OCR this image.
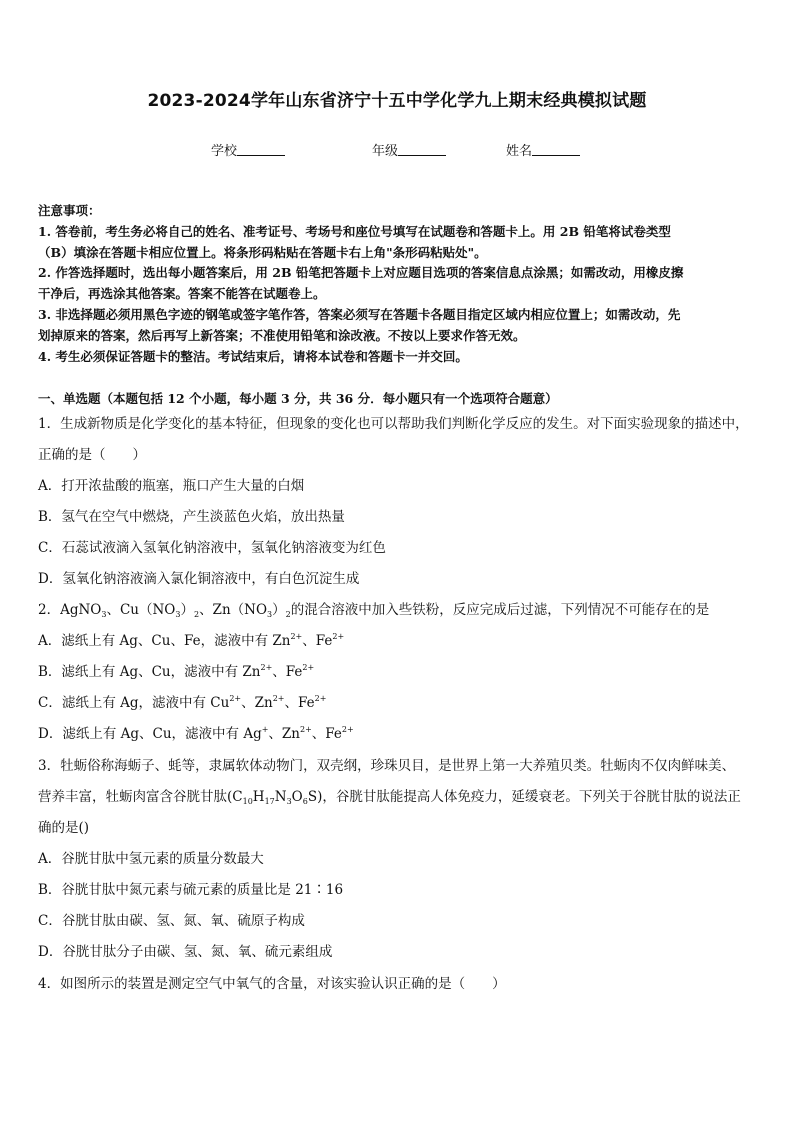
2023-2024学年山东省济宁十五中学化学九上期末经典模拟试题
学校	年级	姓名

注意事项：

1. 答卷前，考生务必将自己的姓名、准考证号、考场号和座位号填写在试题卷和答题卡上。用 2B 铅笔将试卷类型

（B）填涂在答题卡相应位置上。将条形码粘贴在答题卡右上角"条形码粘贴处"。

2. 作答选择题时，选出每小题答案后，用 2B 铅笔把答题卡上对应题目选项的答案信息点涂黑；如需改动，用橡皮擦

干净后，再选涂其他答案。答案不能答在试题卷上。

3. 非选择题必须用黑色字迹的钢笔或签字笔作答，答案必须写在答题卡各题目指定区域内相应位置上；如需改动，先

划掉原来的答案，然后再写上新答案；不准使用铅笔和涂改液。不按以上要求作答无效。

4. 考生必须保证答题卡的整洁。考试结束后，请将本试卷和答题卡一并交回。

一、单选题（本题包括 12 个小题，每小题 3 分，共 36 分．每小题只有一个选项符合题意）

1．生成新物质是化学变化的基本特征，但现象的变化也可以帮助我们判断化学反应的发生。对下面实验现象的描述中，

正确的是（　　）

A．打开浓盐酸的瓶塞，瓶口产生大量的白烟

B．氢气在空气中燃烧，产生淡蓝色火焰，放出热量

C．石蕊试液滴入氢氧化钠溶液中，氢氧化钠溶液变为红色

D．氢氧化钠溶液滴入氯化铜溶液中，有白色沉淀生成

2．AgNO$_3$、$Cu(NO_3)_2$、$Zn(NO_3)_2$的混合溶液中加入些铁粉，反应完成后过滤，下列情况不可能存在的是

A．滤纸上有 Ag、Cu、Fe，滤液中有 $Zn^{2+}$、$Fe^{2+}$

B．滤纸上有 Ag、Cu，滤液中有 $Zn^{2+}$、$Fe^{2+}$

C．滤纸上有 Ag，滤液中有 $Cu^{2+}$、$Zn^{2+}$、$Fe^{2+}$

D．滤纸上有 Ag、Cu，滤液中有 Ag+、$Zn^{2+}$、$Fe^{2+}$

3．牡蛎俗称海蛎子、蚝等，隶属软体动物门，双壳纲，珍珠贝目，是世界上第一大养殖贝类。牡蛎肉不仅肉鲜味美、

营养丰富，牡蛎肉富含谷胱甘肽$(C_{10}H_{17}N_3O_6S)$，谷胱甘肽能提高人体免疫力，延缓衰老。下列关于谷胱甘肽的说法正

确的是()

A．谷胱甘肽中氢元素的质量分数最大

B．谷胱甘肽中氮元素与硫元素的质量比是 21∶16

C．谷胱甘肽由碳、氢、氮、氧、硫原子构成

D．谷胱甘肽分子由碳、氢、氮、氧、硫元素组成

4．如图所示的装置是测定空气中氧气的含量，对该实验认识正确的是（　　）
